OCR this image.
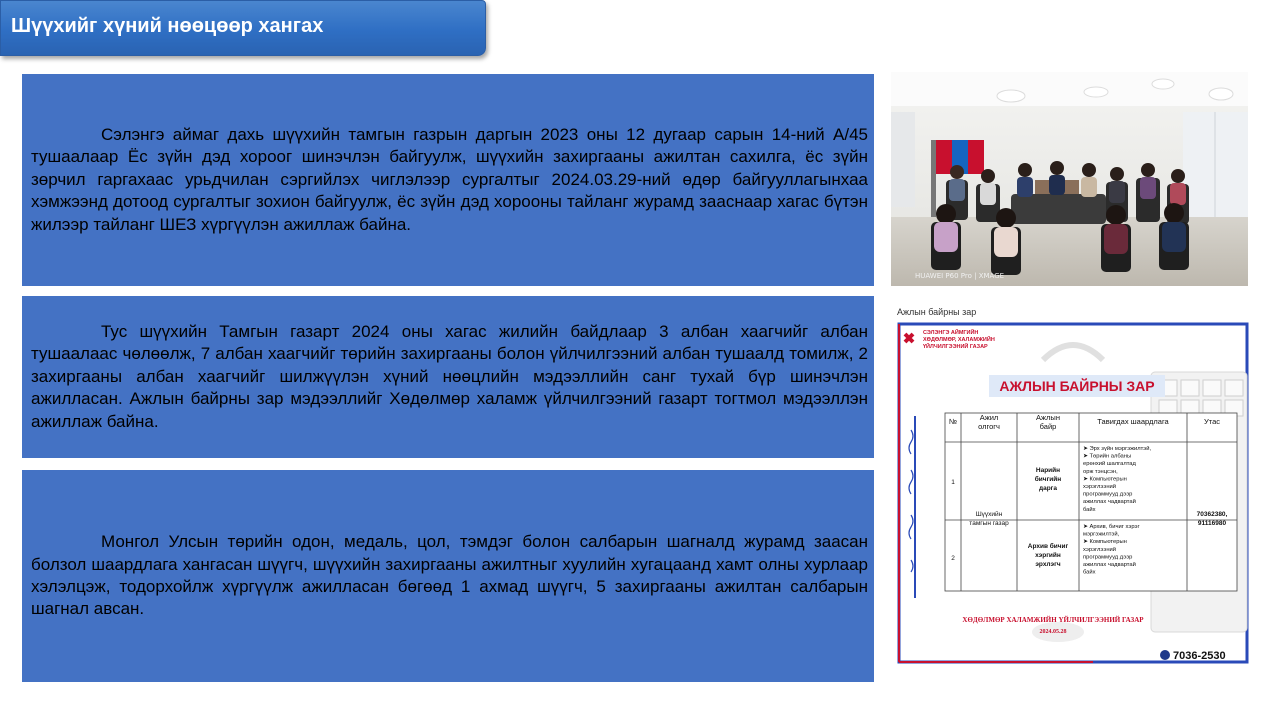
Шүүхийг хүний нөөцөөр хангах

Сэлэнгэ аймаг дахь шүүхийн тамгын газрын даргын 2023 оны 12 дугаар сарын 14-ний А/45 тушаалаар Ёс зүйн дэд хороог шинэчлэн байгуулж, шүүхийн захиргааны ажилтан сахилга, ёс зүйн зөрчил гаргахаас урьдчилан сэргийлэх чиглэлээр сургалтыг 2024.03.29-ний өдөр байгууллагынхаа хэмжээнд дотоод сургалтыг зохион байгуулж, ёс зүйн дэд хорооны тайланг журамд зааснаар хагас бүтэн жилээр тайланг ШЕЗ хүргүүлэн ажиллаж байна.

Тус шүүхийн Тамгын газарт 2024 оны хагас жилийн байдлаар 3 албан хаагчийг албан тушаалаас чөлөөлж, 7 албан хаагчийг төрийн захиргааны болон үйлчилгээний албан тушаалд томилж, 2 захиргааны албан хаагчийг шилжүүлэн хүний нөөцлийн мэдээллийн санг тухай бүр шинэчлэн ажилласан. Ажлын байрны зар мэдээллийг Хөдөлмөр халамж үйлчилгээний газарт тогтмол мэдээллэн ажиллаж байна.

Монгол Улсын төрийн одон, медаль, цол, тэмдэг болон салбарын шагналд журамд заасан болзол шаардлага хангасан шүүгч, шүүхийн захиргааны ажилтныг хуулийн хугацаанд хамт олны хурлаар хэлэлцэж, тодорхойлж хүргүүлж ажилласан бөгөөд 1 ахмад шүүгч, 5 захиргааны ажилтан салбарын шагнал авсан.

HUAWEI P60 Pro | XMAGE
Ажлын байрны зар
СЭЛЭНГЭ АЙМГИЙН
ХӨДӨЛМӨР, ХАЛАМЖИЙН
ҮЙЛЧИЛГЭЭНИЙ ГАЗАР
АЖЛЫН БАЙРНЫ ЗАР
№	Ажил олгогч
Ажлын байр
Тавигдах шаардлага	Утас
1
2
Шүүхийн
тамгын газар
70362380,
91116980
Нарийн
бичгийн
дарга
Архив бичиг
хэргийн
эрхлэгч
➤ Эрх зүйн мэргэжилтэй,
➤ Төрийн албаны
ерөнхий шалгалтад
орж тэнцсэн,
➤ Компьютерын
хэрэглээний
программууд дээр
ажиллах чадвартай
байх
➤ Архив, бичиг хэрэг
мэргэжилтэй,
➤ Компьютерын
хэрэглээний
программууд дээр
ажиллах чадвартай
байх
ХӨДӨЛМӨР ХАЛАМЖИЙН ҮЙЛЧИЛГЭЭНИЙ ГАЗАР
2024.05.28
7036-2530
